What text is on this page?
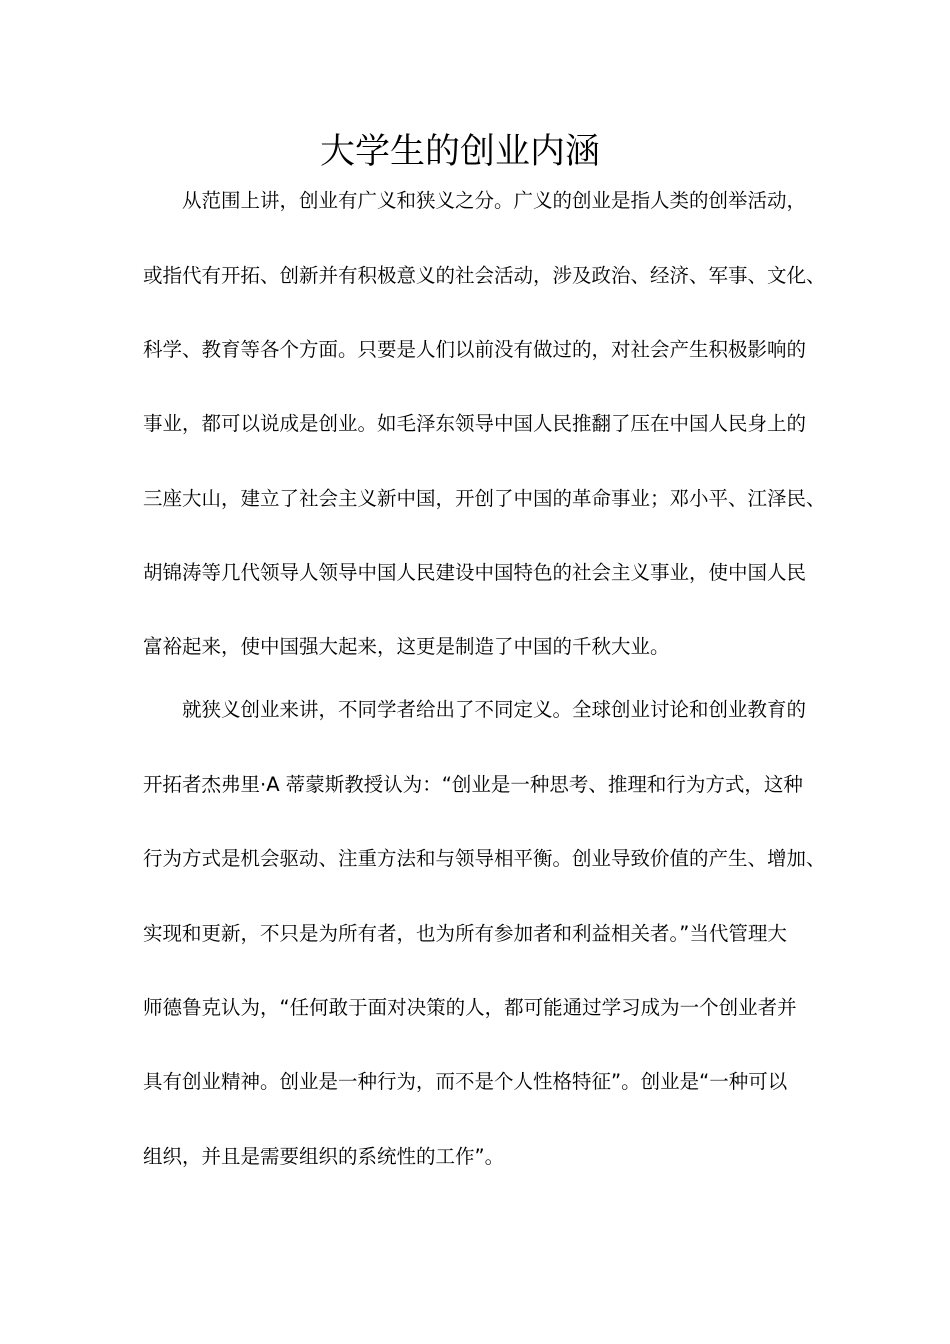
大学生的创业内涵

从范围上讲，创业有广义和狭义之分。广义的创业是指人类的创举活动，

或指代有开拓、创新并有积极意义的社会活动，涉及政治、经济、军事、文化、

科学、教育等各个方面。只要是人们以前没有做过的，对社会产生积极影响的

事业，都可以说成是创业。如毛泽东领导中国人民推翻了压在中国人民身上的

三座大山，建立了社会主义新中国，开创了中国的革命事业；邓小平、江泽民、

胡锦涛等几代领导人领导中国人民建设中国特色的社会主义事业，使中国人民

富裕起来，使中国强大起来，这更是制造了中国的千秋大业。

就狭义创业来讲，不同学者给出了不同定义。全球创业讨论和创业教育的

开拓者杰弗里·A 蒂蒙斯教授认为：“创业是一种思考、推理和行为方式，这种

行为方式是机会驱动、注重方法和与领导相平衡。创业导致价值的产生、增加、

实现和更新，不只是为所有者，也为所有参加者和利益相关者。”当代管理大

师德鲁克认为，“任何敢于面对决策的人，都可能通过学习成为一个创业者并

具有创业精神。创业是一种行为，而不是个人性格特征”。创业是“一种可以

组织，并且是需要组织的系统性的工作”。
